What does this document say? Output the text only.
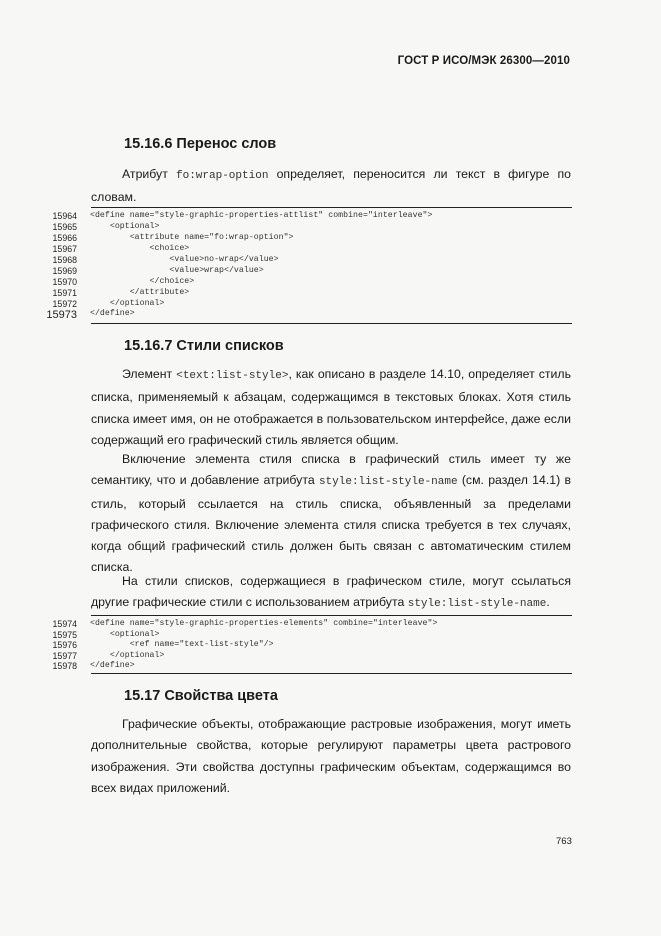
ГОСТ Р ИСО/МЭК 26300—2010
15.16.6 Перенос слов

Атрибут fo:wrap-option определяет, переносится ли текст в фигуре по словам.

15964 <define name="style-graphic-properties-attlist" combine="interleave">
15965 <optional>
15966 <attribute name="fo:wrap-option">
15967 <choice>
15968 <value>no-wrap</value>
15969 <value>wrap</value>
15970 </choice>
15971 </attribute>
15972 </optional>
15973 </define>
15.16.7 Стили списков

Элемент <text:list-style>, как описано в разделе 14.10, определяет стиль списка, применяемый к абзацам, содержащимся в текстовых блоках. Хотя стиль списка имеет имя, он не отображается в пользовательском интерфейсе, даже если содержащий его графический стиль является общим.

Включение элемента стиля списка в графический стиль имеет ту же семантику, что и добавление атрибута style:list-style-name (см. раздел 14.1) в стиль, который ссылается на стиль списка, объявленный за пределами графического стиля. Включение элемента стиля списка требуется в тех случаях, когда общий графический стиль должен быть связан с автоматическим стилем списка.

На стили списков, содержащиеся в графическом стиле, могут ссылаться другие графические стили с использованием атрибута style:list-style-name.

15974 <define name="style-graphic-properties-elements" combine="interleave">
15975 <optional>
15976 <ref name="text-list-style"/>
15977 </optional>
15978 </define>
15.17 Свойства цвета

Графические объекты, отображающие растровые изображения, могут иметь дополнительные свойства, которые регулируют параметры цвета растрового изображения. Эти свойства доступны графическим объектам, содержащимся во всех видах приложений.

763
